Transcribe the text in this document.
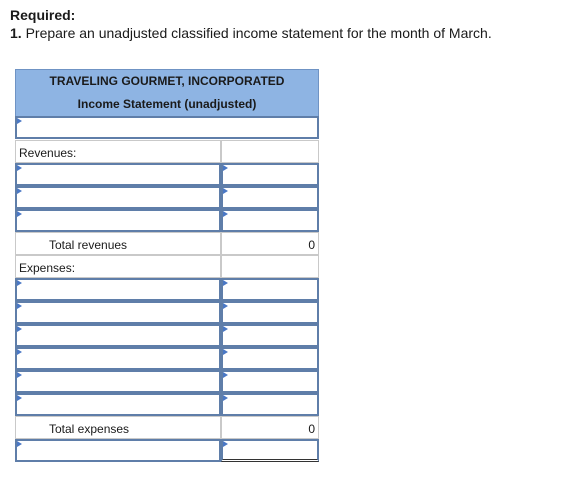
Required:
1. Prepare an unadjusted classified income statement for the month of March.
TRAVELING GOURMET, INCORPORATED
Income Statement (unadjusted)
Revenues:
Total revenues	0
Expenses:
Total expenses	0
